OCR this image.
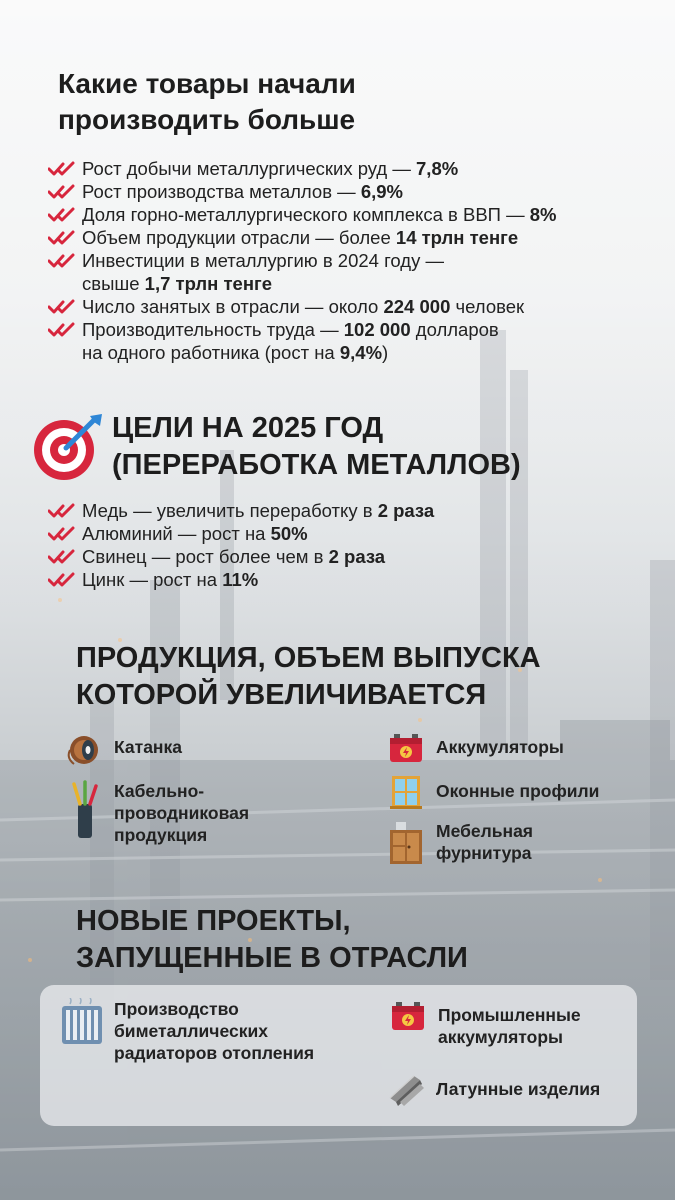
Какие товары начали
производить больше
Рост добычи металлургических руд — 7,8%
Рост производства металлов — 6,9%
Доля горно-металлургического комплекса в ВВП — 8%
Объем продукции отрасли — более 14 трлн тенге
Инвестиции в металлургию в 2024 году —
свыше 1,7 трлн тенге
Число занятых в отрасли — около 224 000 человек
Производительность труда — 102 000 долларов
на одного работника (рост на 9,4%)
ЦЕЛИ НА 2025 ГОД
(ПЕРЕРАБОТКА МЕТАЛЛОВ)
Медь — увеличить переработку в 2 раза
Алюминий — рост на 50%
Свинец — рост более чем в 2 раза
Цинк — рост на 11%
ПРОДУКЦИЯ, ОБЪЕМ ВЫПУСКА
КОТОРОЙ УВЕЛИЧИВАЕТСЯ
Катанка
Кабельно-
проводниковая
продукция
Аккумуляторы
Оконные профили
Мебельная
фурнитура
НОВЫЕ ПРОЕКТЫ,
ЗАПУЩЕННЫЕ В ОТРАСЛИ
Производство
биметаллических
радиаторов отопления
Промышленные
аккумуляторы
Латунные изделия
